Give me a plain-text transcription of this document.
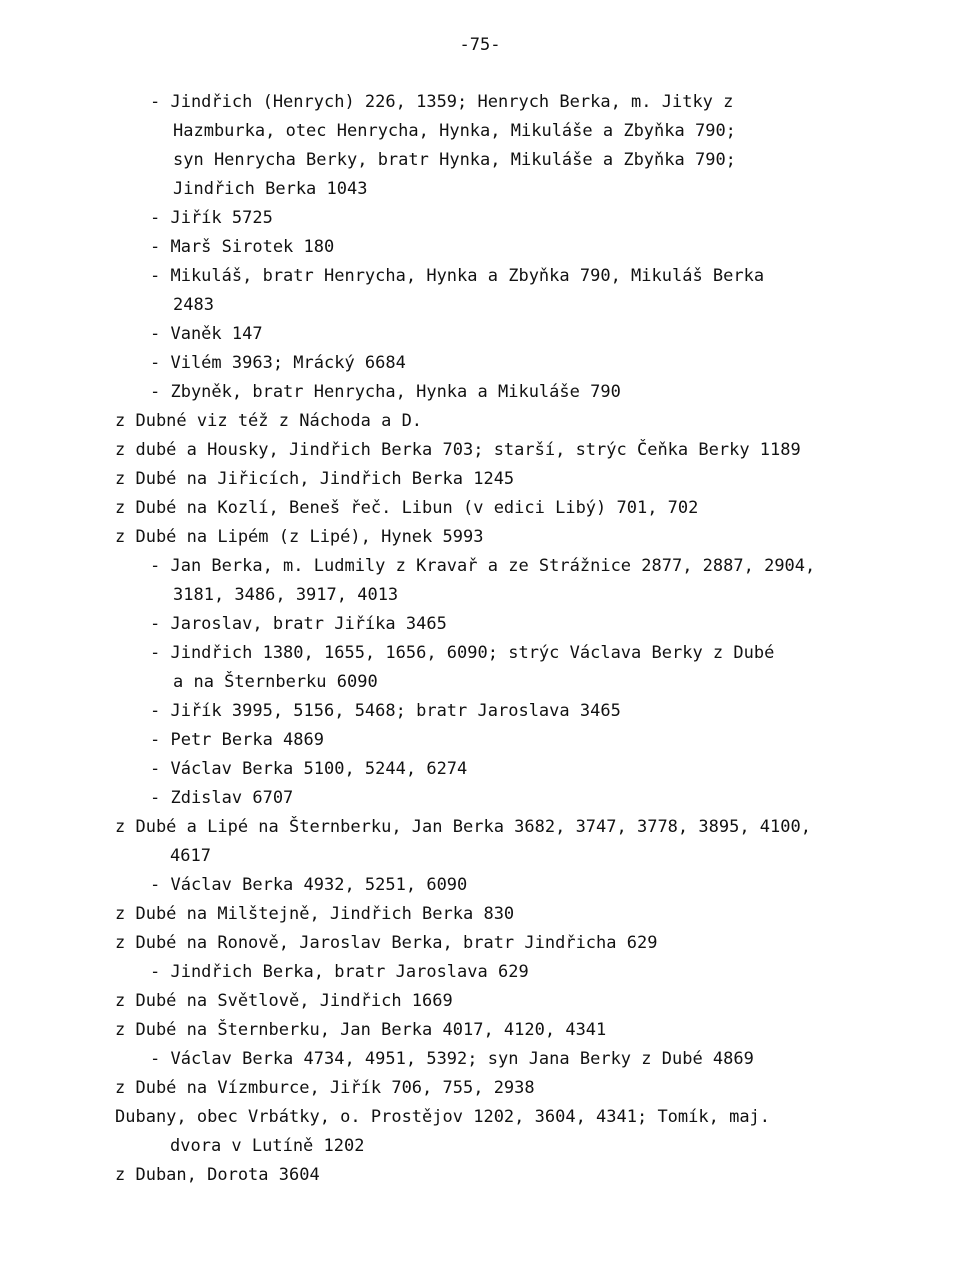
-75-
- Jindřich (Henrych) 226, 1359; Henrych Berka, m. Jitky z
Hazmburka, otec Henrycha, Hynka, Mikuláše a Zbyňka 790;
syn Henrycha Berky, bratr Hynka, Mikuláše a Zbyňka 790;
Jindřich Berka 1043
- Jiřík 5725
- Marš Sirotek 180
- Mikuláš, bratr Henrycha, Hynka a Zbyňka 790, Mikuláš Berka
2483
- Vaněk 147
- Vilém 3963; Mrácký 6684
- Zbyněk, bratr Henrycha, Hynka a Mikuláše 790
z Dubné viz též z Náchoda a D.
z dubé a Housky, Jindřich Berka 703; starší, strýc Čeňka Berky 1189
z Dubé na Jiřicích, Jindřich Berka 1245
z Dubé na Kozlí, Beneš řeč. Libun (v edici Libý) 701, 702
z Dubé na Lipém (z Lipé), Hynek 5993
- Jan Berka, m. Ludmily z Kravař a ze Strážnice 2877, 2887, 2904,
3181, 3486, 3917, 4013
- Jaroslav, bratr Jiříka 3465
- Jindřich 1380, 1655, 1656, 6090; strýc Václava Berky z Dubé
a na Šternberku 6090
- Jiřík 3995, 5156, 5468; bratr Jaroslava 3465
- Petr Berka 4869
- Václav Berka 5100, 5244, 6274
- Zdislav 6707
z Dubé a Lipé na Šternberku, Jan Berka 3682, 3747, 3778, 3895, 4100,
4617
- Václav Berka 4932, 5251, 6090
z Dubé na Milštejně, Jindřich Berka 830
z Dubé na Ronově, Jaroslav Berka, bratr Jindřicha 629
- Jindřich Berka, bratr Jaroslava 629
z Dubé na Světlově, Jindřich 1669
z Dubé na Šternberku, Jan Berka 4017, 4120, 4341
- Václav Berka 4734, 4951, 5392; syn Jana Berky z Dubé 4869
z Dubé na Vízmburce, Jiřík 706, 755, 2938
Dubany, obec Vrbátky, o. Prostějov 1202, 3604, 4341; Tomík, maj.
dvora v Lutíně 1202
z Duban, Dorota 3604
